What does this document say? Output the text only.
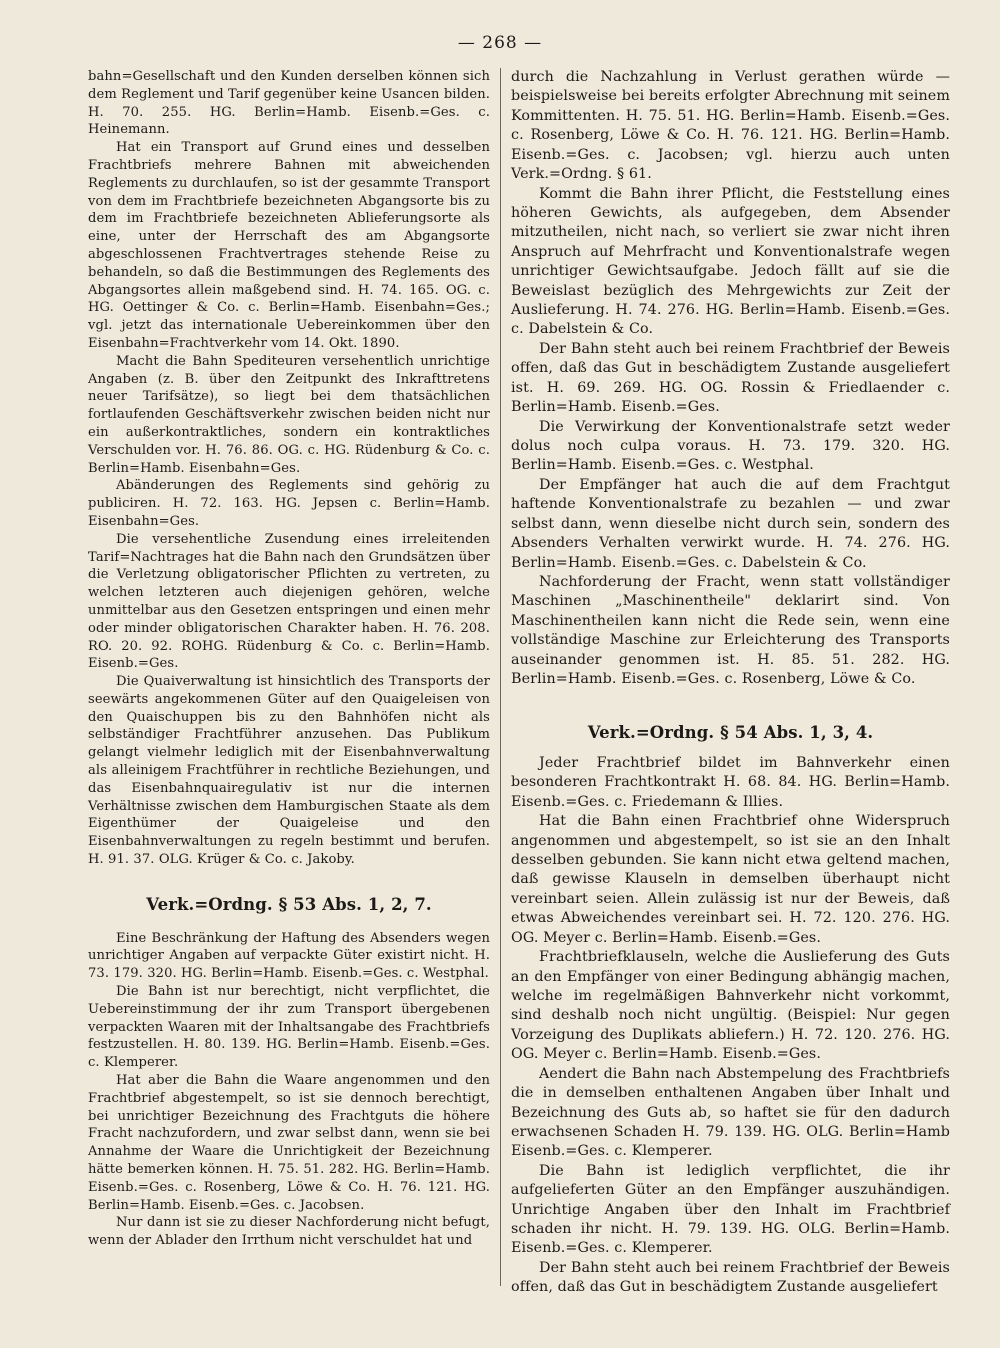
— 268 —

bahn=Gesellschaft und den Kunden derselben können sich dem Reglement und Tarif gegenüber keine Usancen bilden. H. 70. 255. HG. Berlin=Hamb. Eisenb.=Ges. c. Heinemann.

Hat ein Transport auf Grund eines und desselben Frachtbriefs mehrere Bahnen mit abweichenden Reglements zu durchlaufen, so ist der gesammte Transport von dem im Frachtbriefe bezeichneten Abgangsorte bis zu dem im Frachtbriefe bezeichneten Ablieferungsorte als eine, unter der Herrschaft des am Abgangsorte abgeschlossenen Frachtvertrages stehende Reise zu behandeln, so daß die Bestimmungen des Reglements des Abgangsortes allein maßgebend sind. H. 74. 165. OG. c. HG. Oettinger & Co. c. Berlin=Hamb. Eisenbahn=Ges.; vgl. jetzt das internationale Uebereinkommen über den Eisenbahn=Frachtverkehr vom 14. Okt. 1890.

Macht die Bahn Spediteuren versehentlich unrichtige Angaben (z. B. über den Zeitpunkt des Inkrafttretens neuer Tarifsätze), so liegt bei dem thatsächlichen fortlaufenden Geschäftsverkehr zwischen beiden nicht nur ein außerkontraktliches, sondern ein kontraktliches Verschulden vor. H. 76. 86. OG. c. HG. Rüdenburg & Co. c. Berlin=Hamb. Eisenbahn=Ges.

Abänderungen des Reglements sind gehörig zu publiciren. H. 72. 163. HG. Jepsen c. Berlin=Hamb. Eisenbahn=Ges.

Die versehentliche Zusendung eines irreleitenden Tarif=Nachtrages hat die Bahn nach den Grundsätzen über die Verletzung obligatorischer Pflichten zu vertreten, zu welchen letzteren auch diejenigen gehören, welche unmittelbar aus den Gesetzen entspringen und einen mehr oder minder obligatorischen Charakter haben. H. 76. 208. RO. 20. 92. ROHG. Rüdenburg & Co. c. Berlin=Hamb. Eisenb.=Ges.

Die Quaiverwaltung ist hinsichtlich des Transports der seewärts angekommenen Güter auf den Quaigeleisen von den Quaischuppen bis zu den Bahnhöfen nicht als selbständiger Frachtführer anzusehen. Das Publikum gelangt vielmehr lediglich mit der Eisenbahnverwaltung als alleinigem Frachtführer in rechtliche Beziehungen, und das Eisenbahnquairegulativ ist nur die internen Verhältnisse zwischen dem Hamburgischen Staate als dem Eigenthümer der Quaigeleise und den Eisenbahnverwaltungen zu regeln bestimmt und berufen. H. 91. 37. OLG. Krüger & Co. c. Jakoby.

Verk.=Ordng. § 53 Abs. 1, 2, 7.

Eine Beschränkung der Haftung des Absenders wegen unrichtiger Angaben auf verpackte Güter existirt nicht. H. 73. 179. 320. HG. Berlin=Hamb. Eisenb.=Ges. c. Westphal.

Die Bahn ist nur berechtigt, nicht verpflichtet, die Uebereinstimmung der ihr zum Transport übergebenen verpackten Waaren mit der Inhaltsangabe des Frachtbriefs festzustellen. H. 80. 139. HG. Berlin=Hamb. Eisenb.=Ges. c. Klemperer.

Hat aber die Bahn die Waare angenommen und den Frachtbrief abgestempelt, so ist sie dennoch berechtigt, bei unrichtiger Bezeichnung des Frachtguts die höhere Fracht nachzufordern, und zwar selbst dann, wenn sie bei Annahme der Waare die Unrichtigkeit der Bezeichnung hätte bemerken können. H. 75. 51. 282. HG. Berlin=Hamb. Eisenb.=Ges. c. Rosenberg, Löwe & Co. H. 76. 121. HG. Berlin=Hamb. Eisenb.=Ges. c. Jacobsen.

Nur dann ist sie zu dieser Nachforderung nicht befugt, wenn der Ablader den Irrthum nicht verschuldet hat und

durch die Nachzahlung in Verlust gerathen würde — beispielsweise bei bereits erfolgter Abrechnung mit seinem Kommittenten. H. 75. 51. HG. Berlin=Hamb. Eisenb.=Ges. c. Rosenberg, Löwe & Co. H. 76. 121. HG. Berlin=Hamb. Eisenb.=Ges. c. Jacobsen; vgl. hierzu auch unten Verk.=Ordng. § 61.

Kommt die Bahn ihrer Pflicht, die Feststellung eines höheren Gewichts, als aufgegeben, dem Absender mitzutheilen, nicht nach, so verliert sie zwar nicht ihren Anspruch auf Mehrfracht und Konventionalstrafe wegen unrichtiger Gewichtsaufgabe. Jedoch fällt auf sie die Beweislast bezüglich des Mehrgewichts zur Zeit der Auslieferung. H. 74. 276. HG. Berlin=Hamb. Eisenb.=Ges. c. Dabelstein & Co.

Der Bahn steht auch bei reinem Frachtbrief der Beweis offen, daß das Gut in beschädigtem Zustande ausgeliefert ist. H. 69. 269. HG. OG. Rossin & Friedlaender c. Berlin=Hamb. Eisenb.=Ges.

Die Verwirkung der Konventionalstrafe setzt weder dolus noch culpa voraus. H. 73. 179. 320. HG. Berlin=Hamb. Eisenb.=Ges. c. Westphal.

Der Empfänger hat auch die auf dem Frachtgut haftende Konventionalstrafe zu bezahlen — und zwar selbst dann, wenn dieselbe nicht durch sein, sondern des Absenders Verhalten verwirkt wurde. H. 74. 276. HG. Berlin=Hamb. Eisenb.=Ges. c. Dabelstein & Co.

Nachforderung der Fracht, wenn statt vollständiger Maschinen „Maschinentheile" deklarirt sind. Von Maschinentheilen kann nicht die Rede sein, wenn eine vollständige Maschine zur Erleichterung des Transports auseinander genommen ist. H. 85. 51. 282. HG. Berlin=Hamb. Eisenb.=Ges. c. Rosenberg, Löwe & Co.

Verk.=Ordng. § 54 Abs. 1, 3, 4.

Jeder Frachtbrief bildet im Bahnverkehr einen besonderen Frachtkontrakt H. 68. 84. HG. Berlin=Hamb. Eisenb.=Ges. c. Friedemann & Illies.

Hat die Bahn einen Frachtbrief ohne Widerspruch angenommen und abgestempelt, so ist sie an den Inhalt desselben gebunden. Sie kann nicht etwa geltend machen, daß gewisse Klauseln in demselben überhaupt nicht vereinbart seien. Allein zulässig ist nur der Beweis, daß etwas Abweichendes vereinbart sei. H. 72. 120. 276. HG. OG. Meyer c. Berlin=Hamb. Eisenb.=Ges.

Frachtbriefklauseln, welche die Auslieferung des Guts an den Empfänger von einer Bedingung abhängig machen, welche im regelmäßigen Bahnverkehr nicht vorkommt, sind deshalb noch nicht ungültig. (Beispiel: Nur gegen Vorzeigung des Duplikats abliefern.) H. 72. 120. 276. HG. OG. Meyer c. Berlin=Hamb. Eisenb.=Ges.

Aendert die Bahn nach Abstempelung des Frachtbriefs die in demselben enthaltenen Angaben über Inhalt und Bezeichnung des Guts ab, so haftet sie für den dadurch erwachsenen Schaden H. 79. 139. HG. OLG. Berlin=Hamb Eisenb.=Ges. c. Klemperer.

Die Bahn ist lediglich verpflichtet, die ihr aufgelieferten Güter an den Empfänger auszuhändigen. Unrichtige Angaben über den Inhalt im Frachtbrief schaden ihr nicht. H. 79. 139. HG. OLG. Berlin=Hamb. Eisenb.=Ges. c. Klemperer.

Der Bahn steht auch bei reinem Frachtbrief der Beweis offen, daß das Gut in beschädigtem Zustande ausgeliefert
